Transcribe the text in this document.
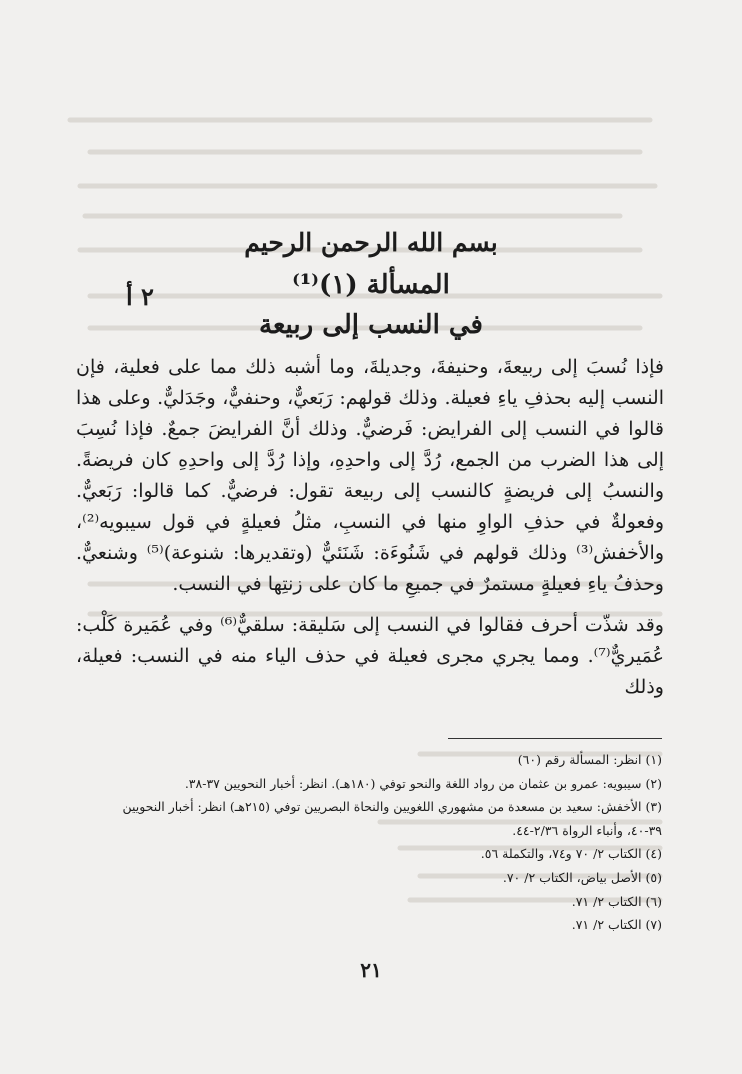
بسم الله الرحمن الرحيم
المسألة (١)⁽¹⁾
٢ أ
في النسب إلى ربيعة

فإذا نُسبَ إلى ربيعةَ، وحنيفةَ، وجديلةَ، وما أشبه ذلك مما على فعلية، فإن النسب إليه بحذفِ ياءِ فعيلة. وذلك قولهم: رَبَعيٌّ، وحنفيٌّ، وجَدَليٌّ. وعلى هذا قالوا في النسب إلى الفرايض: فَرضيٌّ. وذلك أنَّ الفرايضَ جمعٌ. فإذا نُسِبَ إلى هذا الضرب من الجمع، رُدَّ إلى واحدِهِ، وإذا رُدَّ إلى واحدِهِ كان فريضةً. والنسبُ إلى فريضةٍ كالنسب إلى ربيعة تقول: فرضيٌّ. كما قالوا: رَبَعيٌّ. وفعولةٌ في حذفِ الواوِ منها في النسبِ، مثلُ فعيلةٍ في قول سيبويه⁽²⁾، والأخفش⁽³⁾ وذلك قولهم في شَنُوءَة: شَنَئيٌّ (وتقديرها: شنوعة)⁽⁵⁾ وشنعيٌّ. وحذفُ ياءِ فعيلةٍ مستمرٌ في جميعِ ما كان على زنتِها في النسب.

وقد شذّت أحرف فقالوا في النسب إلى سَليقة: سلقيٌّ⁽⁶⁾ وفي عُمَيرة كَلْب: عُمَيريٌّ⁽⁷⁾. ومما يجري مجرى فعيلة في حذف الياء منه في النسب: فعيلة، وذلك

(١) انظر: المسألة رقم (٦٠)

(٢) سيبويه: عمرو بن عثمان من رواد اللغة والنحو توفي (١٨٠هـ). انظر: أخبار النحويين ٣٧-٣٨.

(٣) الأخفش: سعيد بن مسعدة من مشهوري اللغويين والنحاة البصريين توفي (٢١٥هـ) انظر: أخبار النحويين ٣٩-٤٠، وأنباء الرواة ٢/٣٦-٤٤.

(٤) الكتاب ٢/ ٧٠ و٧٤، والتكملة ٥٦.

(٥) الأصل بياض، الكتاب ٢/ ٧٠.

(٦) الكتاب ٢/ ٧١.

(٧) الكتاب ٢/ ٧١.

٢١
